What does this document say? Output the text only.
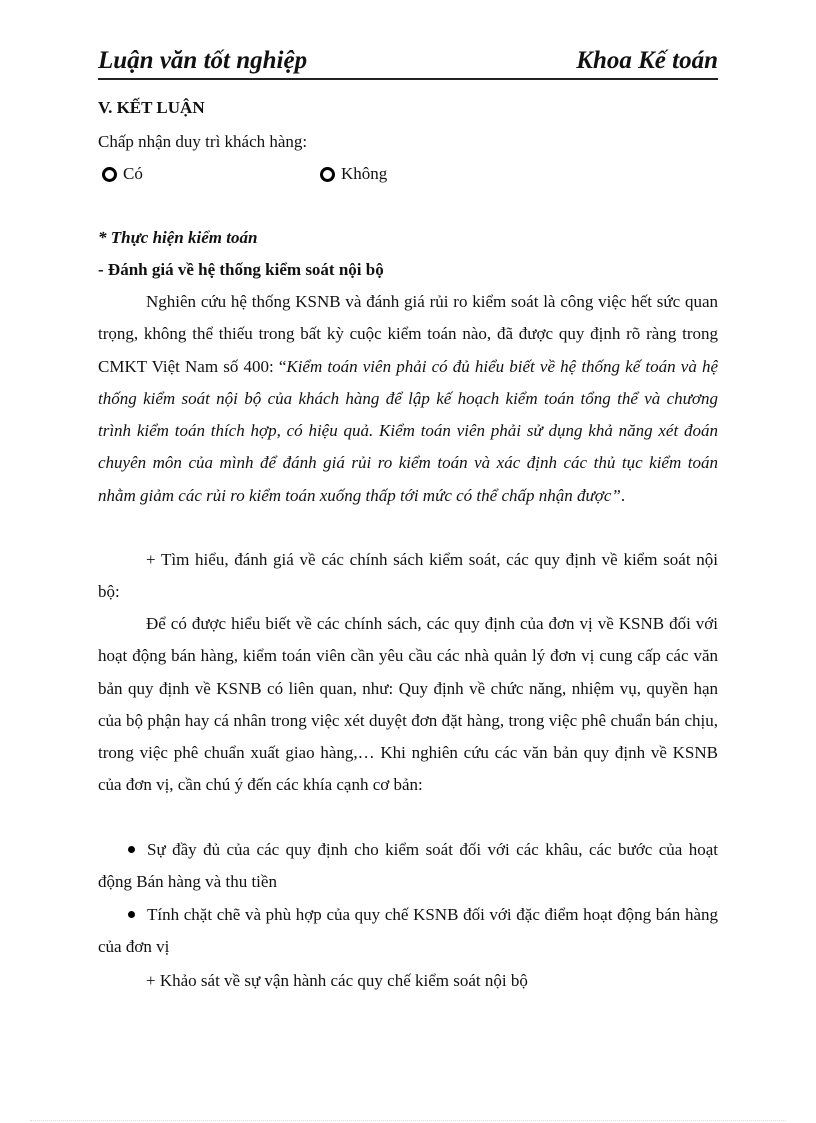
Luận văn tốt nghiệp	Khoa Kế toán
V. KẾT LUẬN
Chấp nhận duy trì khách hàng:
Có	Không
* Thực hiện kiểm toán
- Đánh giá về hệ thống kiểm soát nội bộ
Nghiên cứu hệ thống KSNB và đánh giá rủi ro kiểm soát là công việc hết sức quan trọng, không thể thiếu trong bất kỳ cuộc kiểm toán nào, đã được quy định rõ ràng trong CMKT Việt Nam số 400: “Kiểm toán viên phải có đủ hiểu biết về hệ thống kế toán và hệ thống kiểm soát nội bộ của khách hàng để lập kế hoạch kiểm toán tổng thể và chương trình kiểm toán thích hợp, có hiệu quả. Kiểm toán viên phải sử dụng khả năng xét đoán chuyên môn của mình để đánh giá rủi ro kiểm toán và xác định các thủ tục kiểm toán nhằm giảm các rủi ro kiểm toán xuống thấp tới mức có thể chấp nhận được”.
+ Tìm hiểu, đánh giá về các chính sách kiểm soát, các quy định về kiểm soát nội bộ:
Để có được hiểu biết về các chính sách, các quy định của đơn vị về KSNB đối với hoạt động bán hàng, kiểm toán viên cần yêu cầu các nhà quản lý đơn vị cung cấp các văn bản quy định về KSNB có liên quan, như: Quy định về chức năng, nhiệm vụ, quyền hạn của bộ phận hay cá nhân trong việc xét duyệt đơn đặt hàng, trong việc phê chuẩn bán chịu, trong việc phê chuẩn xuất giao hàng,… Khi nghiên cứu các văn bản quy định về KSNB của đơn vị, cần chú ý đến các khía cạnh cơ bản:
Sự đầy đủ của các quy định cho kiểm soát đối với các khâu, các bước của hoạt động Bán hàng và thu tiền
Tính chặt chẽ và phù hợp của quy chế KSNB đối với đặc điểm hoạt động bán hàng của đơn vị
+ Khảo sát về sự vận hành các quy chế kiểm soát nội bộ
